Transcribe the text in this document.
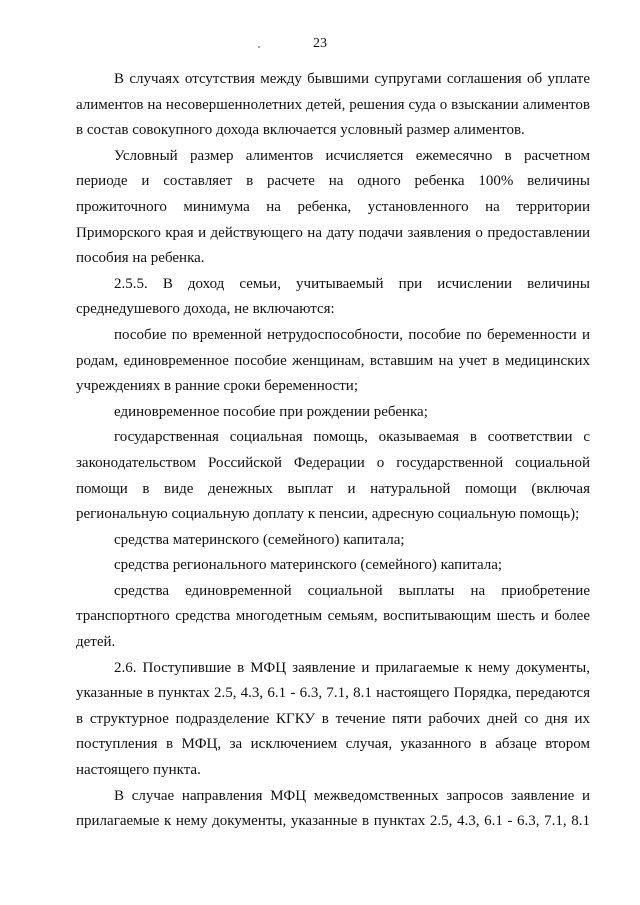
23

В случаях отсутствия между бывшими супругами соглашения об уплате алиментов на несовершеннолетних детей, решения суда о взыскании алиментов в состав совокупного дохода включается условный размер алиментов.

Условный размер алиментов исчисляется ежемесячно в расчетном периоде и составляет в расчете на одного ребенка 100% величины прожиточного минимума на ребенка, установленного на территории Приморского края и действующего на дату подачи заявления о предоставлении пособия на ребенка.

2.5.5. В доход семьи, учитываемый при исчислении величины среднедушевого дохода, не включаются:

пособие по временной нетрудоспособности, пособие по беременности и родам, единовременное пособие женщинам, вставшим на учет в медицинских учреждениях в ранние сроки беременности;

единовременное пособие при рождении ребенка;

государственная социальная помощь, оказываемая в соответствии с законодательством Российской Федерации о государственной социальной помощи в виде денежных выплат и натуральной помощи (включая региональную социальную доплату к пенсии, адресную социальную помощь);

средства материнского (семейного) капитала;

средства регионального материнского (семейного) капитала;

средства единовременной социальной выплаты на приобретение транспортного средства многодетным семьям, воспитывающим шесть и более детей.

2.6. Поступившие в МФЦ заявление и прилагаемые к нему документы, указанные в пунктах 2.5, 4.3, 6.1 - 6.3, 7.1, 8.1 настоящего Порядка, передаются в структурное подразделение КГКУ в течение пяти рабочих дней со дня их поступления в МФЦ, за исключением случая, указанного в абзаце втором настоящего пункта.

В случае направления МФЦ межведомственных запросов заявление и прилагаемые к нему документы, указанные в пунктах 2.5, 4.3, 6.1 - 6.3, 7.1, 8.1
